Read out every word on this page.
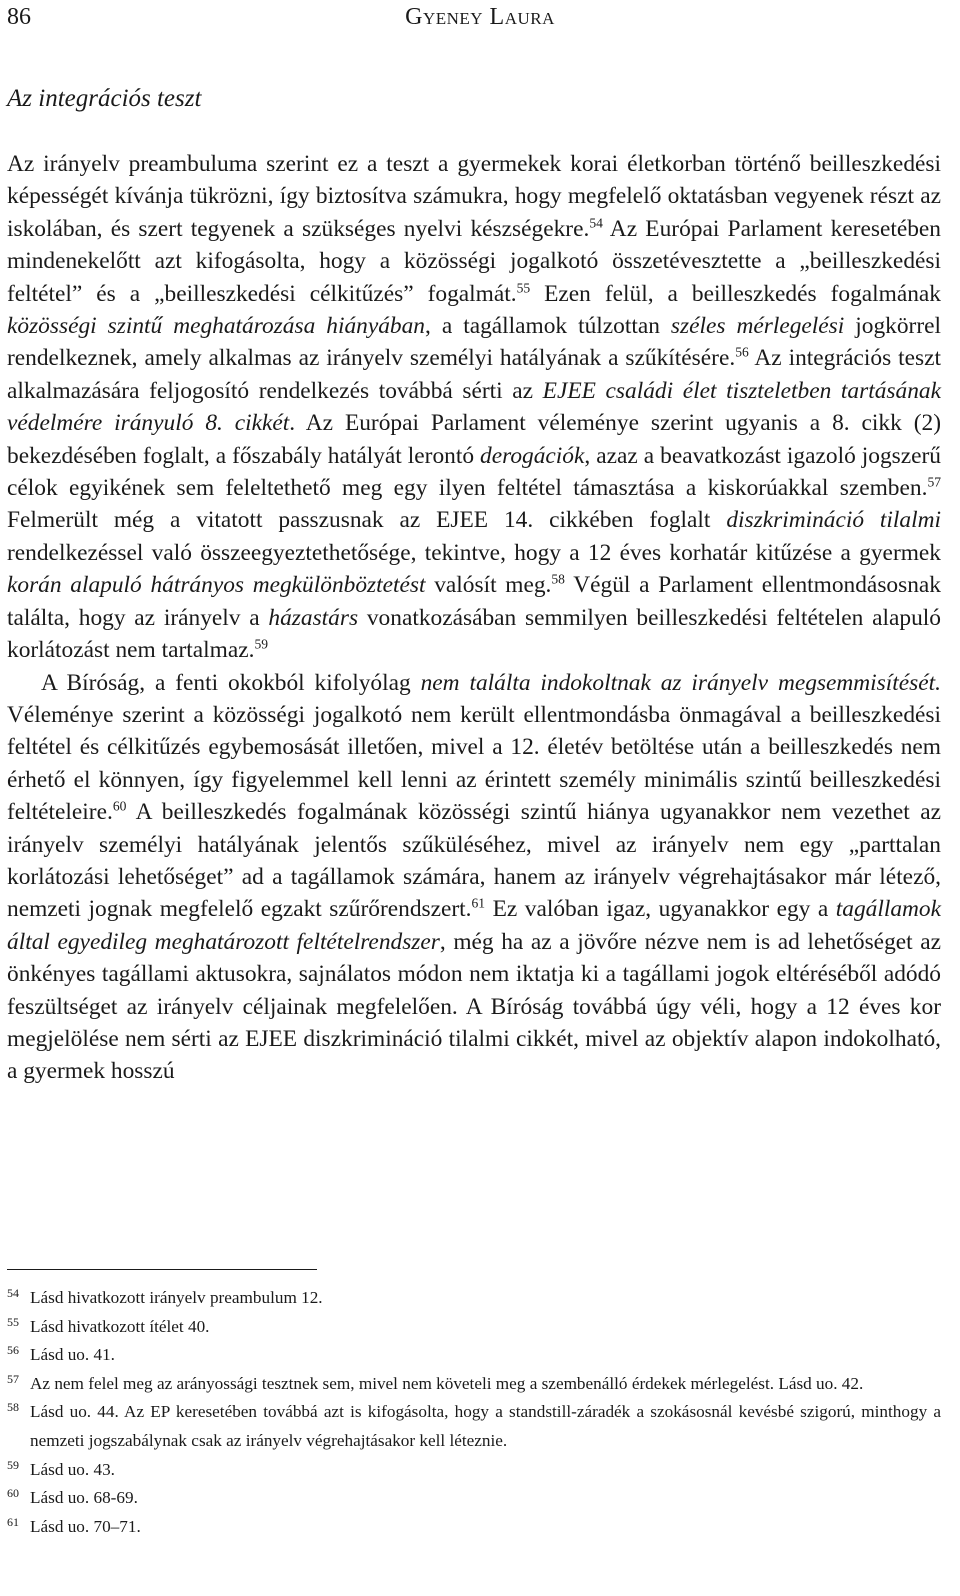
86	Gyeney Laura
Az integrációs teszt

Az irányelv preambuluma szerint ez a teszt a gyermekek korai életkorban történő beilleszkedési képességét kívánja tükrözni, így biztosítva számukra, hogy megfelelő oktatásban vegyenek részt az iskolában, és szert tegyenek a szükséges nyelvi készségekre.$^{54}$ Az Európai Parlament keresetében mindenekelőtt azt kifogásolta, hogy a közösségi jogalkotó összetévesztette a „beilleszkedési feltétel” és a „beilleszkedési célkitűzés” fogalmát.$^{55}$ Ezen felül, a beilleszkedés fogalmának közösségi szintű meghatározása hiányában, a tagállamok túlzottan széles mérlegelési jogkörrel rendelkeznek, amely alkalmas az irányelv személyi hatályának a szűkítésére.$^{56}$ Az integrációs teszt alkalmazására feljogosító rendelkezés továbbá sérti az EJEE családi élet tiszteletben tartásának védelmére irányuló 8. cikkét. Az Európai Parlament véleménye szerint ugyanis a 8. cikk (2) bekezdésében foglalt, a főszabály hatályát lerontó derogációk, azaz a beavatkozást igazoló jogszerű célok egyikének sem feleltethető meg egy ilyen feltétel támasztása a kiskorúakkal szemben.$^{57}$ Felmerült még a vitatott passzusnak az EJEE 14. cikkében foglalt diszkrimináció tilalmi rendelkezéssel való összeegyeztethetősége, tekintve, hogy a 12 éves korhatár kitűzése a gyermek korán alapuló hátrányos megkülönböztetést valósít meg.$^{58}$ Végül a Parlament ellentmondásosnak találta, hogy az irányelv a házastárs vonatkozásában semmilyen beilleszkedési feltételen alapuló korlátozást nem tartalmaz.$^{59}$

A Bíróság, a fenti okokból kifolyólag nem találta indokoltnak az irányelv megsemmisítését. Véleménye szerint a közösségi jogalkotó nem került ellentmondásba önmagával a beilleszkedési feltétel és célkitűzés egybemosását illetően, mivel a 12. életév betöltése után a beilleszkedés nem érhető el könnyen, így figyelemmel kell lenni az érintett személy minimális szintű beilleszkedési feltételeire.$^{60}$ A beilleszkedés fogalmának közösségi szintű hiánya ugyanakkor nem vezethet az irányelv személyi hatályának jelentős szűküléséhez, mivel az irányelv nem egy „parttalan korlátozási lehetőséget” ad a tagállamok számára, hanem az irányelv végrehajtásakor már létező, nemzeti jognak megfelelő egzakt szűrőrendszert.$^{61}$ Ez valóban igaz, ugyanakkor egy a tagállamok által egyedileg meghatározott feltételrendszer, még ha az a jövőre nézve nem is ad lehetőséget az önkényes tagállami aktusokra, sajnálatos módon nem iktatja ki a tagállami jogok eltéréséből adódó feszültséget az irányelv céljainak megfelelően. A Bíróság továbbá úgy véli, hogy a 12 éves kor megjelölése nem sérti az EJEE diszkrimináció tilalmi cikkét, mivel az objektív alapon indokolható, a gyermek hosszú

54 Lásd hivatkozott irányelv preambulum 12.
55 Lásd hivatkozott ítélet 40.
56 Lásd uo. 41.
57 Az nem felel meg az arányossági tesztnek sem, mivel nem követeli meg a szembenálló érdekek mérlegelést. Lásd uo. 42.
58 Lásd uo. 44. Az EP keresetében továbbá azt is kifogásolta, hogy a standstill-záradék a szokásosnál kevésbé szigorú, minthogy a nemzeti jogszabálynak csak az irányelv végrehajtásakor kell léteznie.
59 Lásd uo. 43.
60 Lásd uo. 68-69.
61 Lásd uo. 70–71.
